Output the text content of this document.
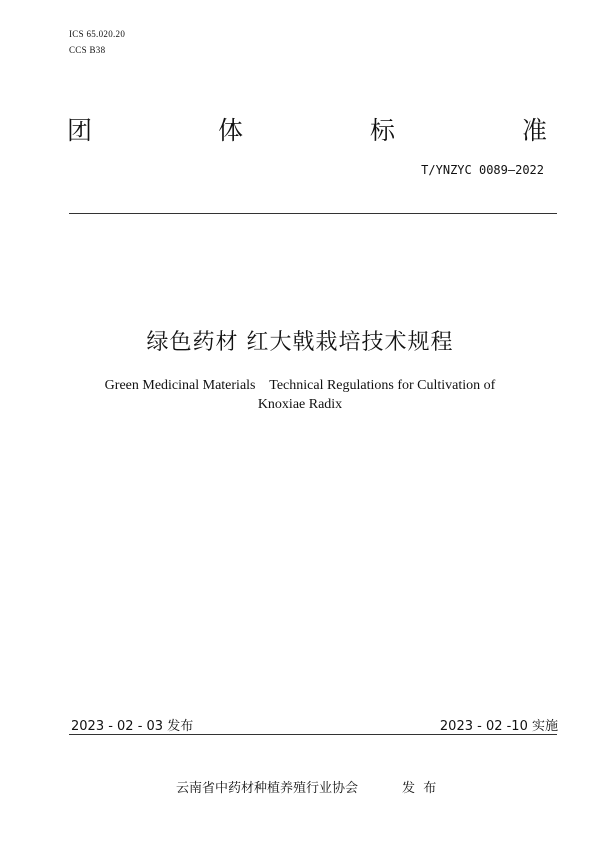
ICS 65.020.20
CCS B38
团	体	标	准
T/YNZYC 0089—2022
绿色药材 红大戟栽培技术规程
Green Medicinal Materials    Technical Regulations for Cultivation of
Knoxiae Radix
2023 - 02 - 03 发布	2023 - 02 -10 实施
云南省中药材种植养殖行业协会	发  布
